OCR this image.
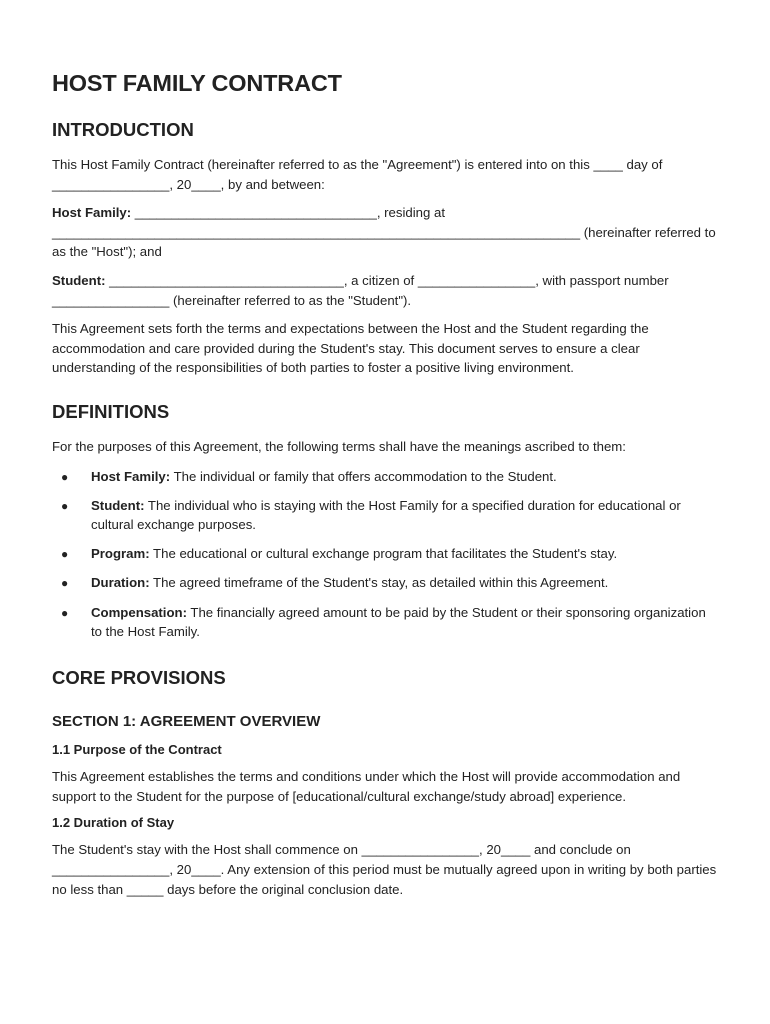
HOST FAMILY CONTRACT
INTRODUCTION

This Host Family Contract (hereinafter referred to as the "Agreement") is entered into on this ____ day of ________________, 20____, by and between:

Host Family: _________________________________, residing at ________________________________________________________________________ (hereinafter referred to as the "Host"); and

Student: ________________________________, a citizen of ________________, with passport number ________________ (hereinafter referred to as the "Student").

This Agreement sets forth the terms and expectations between the Host and the Student regarding the accommodation and care provided during the Student's stay. This document serves to ensure a clear understanding of the responsibilities of both parties to foster a positive living environment.

DEFINITIONS

For the purposes of this Agreement, the following terms shall have the meanings ascribed to them:

● Host Family: The individual or family that offers accommodation to the Student.
● Student: The individual who is staying with the Host Family for a specified duration for educational or cultural exchange purposes.
● Program: The educational or cultural exchange program that facilitates the Student's stay.
● Duration: The agreed timeframe of the Student's stay, as detailed within this Agreement.
● Compensation: The financially agreed amount to be paid by the Student or their sponsoring organization to the Host Family.
CORE PROVISIONS
SECTION 1: AGREEMENT OVERVIEW
1.1 Purpose of the Contract

This Agreement establishes the terms and conditions under which the Host will provide accommodation and support to the Student for the purpose of [educational/cultural exchange/study abroad] experience.

1.2 Duration of Stay

The Student's stay with the Host shall commence on ________________, 20____ and conclude on ________________, 20____. Any extension of this period must be mutually agreed upon in writing by both parties no less than _____ days before the original conclusion date.
